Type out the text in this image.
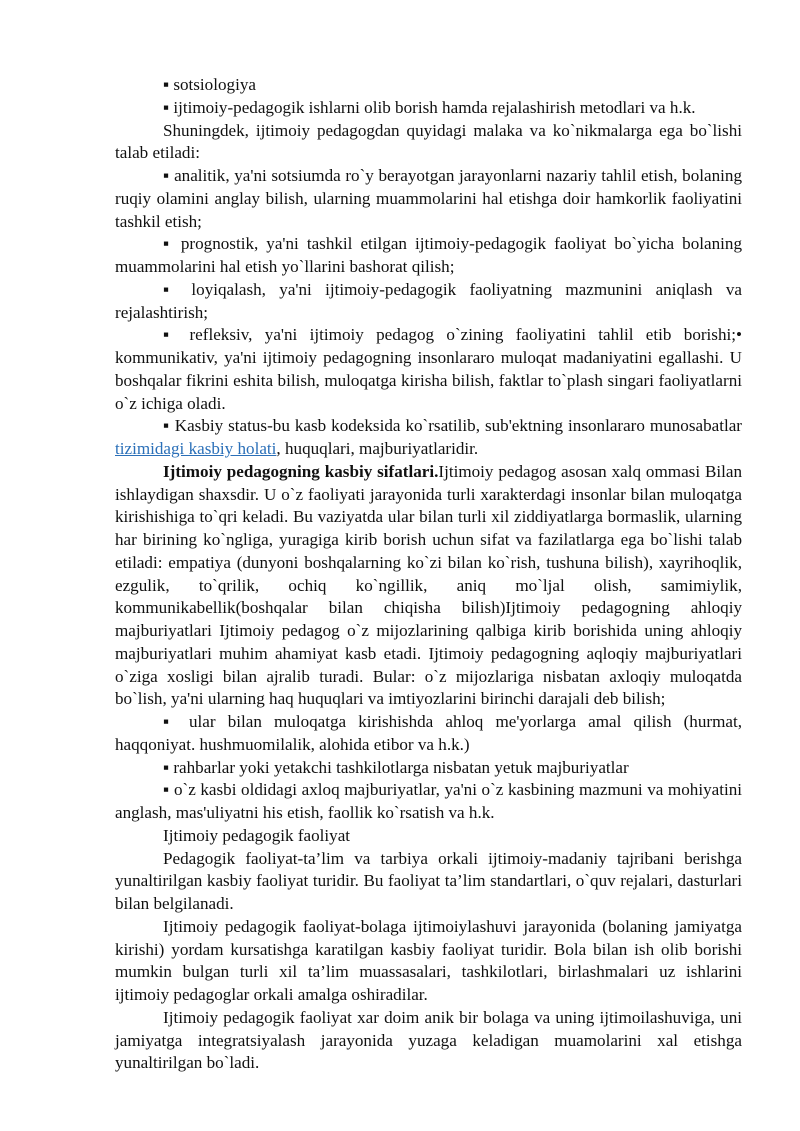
▪ sotsiologiya

▪ ijtimoiy-pedagogik ishlarni olib borish hamda rejalashirish metodlari va h.k.

Shuningdek, ijtimoiy pedagogdan quyidagi malaka va ko`nikmalarga ega bo`lishi talab etiladi:

▪ analitik, ya'ni sotsiumda ro`y berayotgan jarayonlarni nazariy tahlil etish, bolaning ruqiy olamini anglay bilish, ularning muammolarini hal etishga doir hamkorlik faoliyatini tashkil etish;

▪ prognostik, ya'ni tashkil etilgan ijtimoiy-pedagogik faoliyat bo`yicha bolaning muammolarini hal etish yo`llarini bashorat qilish;

▪ loyiqalash, ya'ni ijtimoiy-pedagogik faoliyatning mazmunini aniqlash va rejalashtirish;

▪ refleksiv, ya'ni ijtimoiy pedagog o`zining faoliyatini tahlil etib borishi;• kommunikativ, ya'ni ijtimoiy pedagogning insonlararo muloqat madaniyatini egallashi. U boshqalar fikrini eshita bilish, muloqatga kirisha bilish, faktlar to`plash singari faoliyatlarni o`z ichiga oladi.

▪ Kasbiy status-bu kasb kodeksida ko`rsatilib, sub'ektning insonlararo munosabatlar tizimidagi kasbiy holati, huquqlari, majburiyatlaridir.

Ijtimoiy pedagogning kasbiy sifatlari.Ijtimoiy pedagog asosan xalq ommasi Bilan ishlaydigan shaxsdir. U o`z faoliyati jarayonida turli xarakterdagi insonlar bilan muloqatga kirishishiga to`qri keladi. Bu vaziyatda ular bilan turli xil ziddiyatlarga bormaslik, ularning har birining ko`ngliga, yuragiga kirib borish uchun sifat va fazilatlarga ega bo`lishi talab etiladi: empatiya (dunyoni boshqalarning ko`zi bilan ko`rish, tushuna bilish), xayrihoqlik, ezgulik, to`qrilik, ochiq ko`ngillik, aniq mo`ljal olish, samimiylik, kommunikabellik(boshqalar bilan chiqisha bilish)Ijtimoiy pedagogning ahloqiy majburiyatlari Ijtimoiy pedagog o`z mijozlarining qalbiga kirib borishida uning ahloqiy majburiyatlari muhim ahamiyat kasb etadi. Ijtimoiy pedagogning aqloqiy majburiyatlari o`ziga xosligi bilan ajralib turadi. Bular: o`z mijozlariga nisbatan axloqiy muloqatda bo`lish, ya'ni ularning haq huquqlari va imtiyozlarini birinchi darajali deb bilish;

▪ ular bilan muloqatga kirishishda ahloq me'yorlarga amal qilish (hurmat, haqqoniyat. hushmuomilalik, alohida etibor va h.k.)

▪ rahbarlar yoki yetakchi tashkilotlarga nisbatan yetuk majburiyatlar

▪ o`z kasbi oldidagi axloq majburiyatlar, ya'ni o`z kasbining mazmuni va mohiyatini anglash, mas'uliyatni his etish, faollik ko`rsatish va h.k.

Ijtimoiy pedagogik faoliyat

Pedagogik faoliyat-ta’lim va tarbiya orkali ijtimoiy-madaniy tajribani berishga yunaltirilgan kasbiy faoliyat turidir. Bu faoliyat ta’lim standartlari, o`quv rejalari, dasturlari bilan belgilanadi.

Ijtimoiy pedagogik faoliyat-bolaga ijtimoiylashuvi jarayonida (bolaning jamiyatga kirishi) yordam kursatishga karatilgan kasbiy faoliyat turidir. Bola bilan ish olib borishi mumkin bulgan turli xil ta’lim muassasalari, tashkilotlari, birlashmalari uz ishlarini ijtimoiy pedagoglar orkali amalga oshiradilar.

Ijtimoiy pedagogik faoliyat xar doim anik bir bolaga va uning ijtimoilashuviga, uni jamiyatga integratsiyalash jarayonida yuzaga keladigan muamolarini xal etishga yunaltirilgan bo`ladi.
